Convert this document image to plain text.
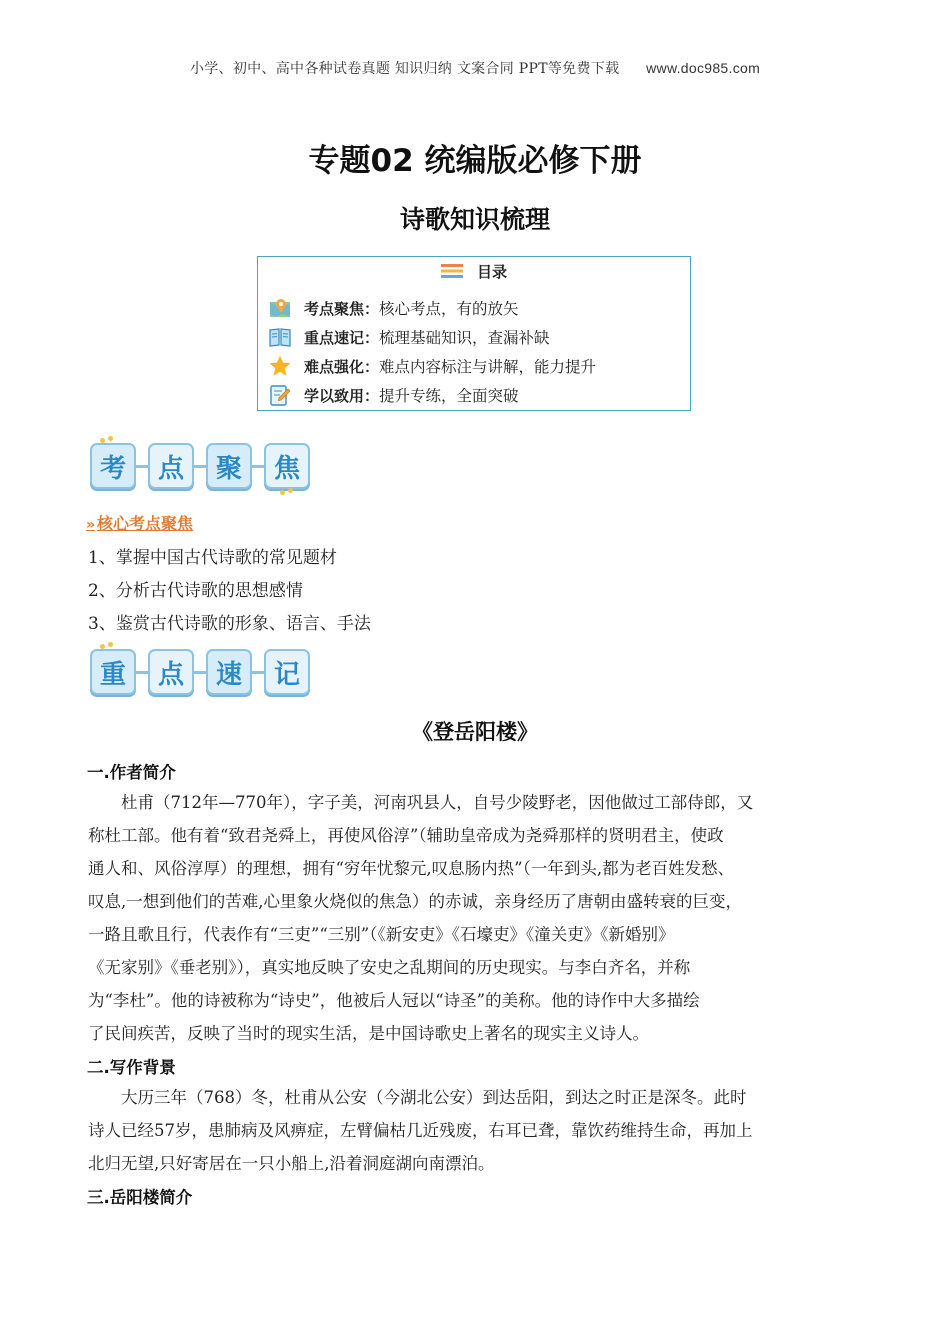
小学、初中、高中各种试卷真题 知识归纳 文案合同 PPT等免费下载 www.doc985.com
专题02 统编版必修下册
诗歌知识梳理
目录
考点聚焦： 核心考点，有的放矢
重点速记： 梳理基础知识，查漏补缺
难点强化： 难点内容标注与讲解，能力提升
学以致用： 提升专练，全面突破
考 点 聚 焦
» 核心考点聚焦
1、掌握中国古代诗歌的常见题材
2、分析古代诗歌的思想感情
3、鉴赏古代诗歌的形象、语言、手法
重 点 速 记
《登岳阳楼》
一.作者简介
　　杜甫（712年—770年），字子美，河南巩县人，自号少陵野老，因他做过工部侍郎，又
称杜工部。他有着“致君尧舜上，再使风俗淳”（辅助皇帝成为尧舜那样的贤明君主，使政
通人和、风俗淳厚）的理想，拥有“穷年忧黎元,叹息肠内热”（一年到头,都为老百姓发愁、
叹息,一想到他们的苦难,心里象火烧似的焦急）的赤诚，亲身经历了唐朝由盛转衰的巨变，
一路且歌且行，代表作有“三吏”“三别”（《新安吏》《石壕吏》《潼关吏》《新婚别》
《无家别》《垂老别》），真实地反映了安史之乱期间的历史现实。与李白齐名，并称
为“李杜”。他的诗被称为“诗史”，他被后人冠以“诗圣”的美称。他的诗作中大多描绘
了民间疾苦，反映了当时的现实生活，是中国诗歌史上著名的现实主义诗人。
二.写作背景
　　大历三年（768）冬，杜甫从公安（今湖北公安）到达岳阳，到达之时正是深冬。此时
诗人已经57岁，患肺病及风痹症，左臂偏枯几近残废，右耳已聋，靠饮药维持生命，再加上
北归无望,只好寄居在一只小船上,沿着洞庭湖向南漂泊。
三.岳阳楼简介
